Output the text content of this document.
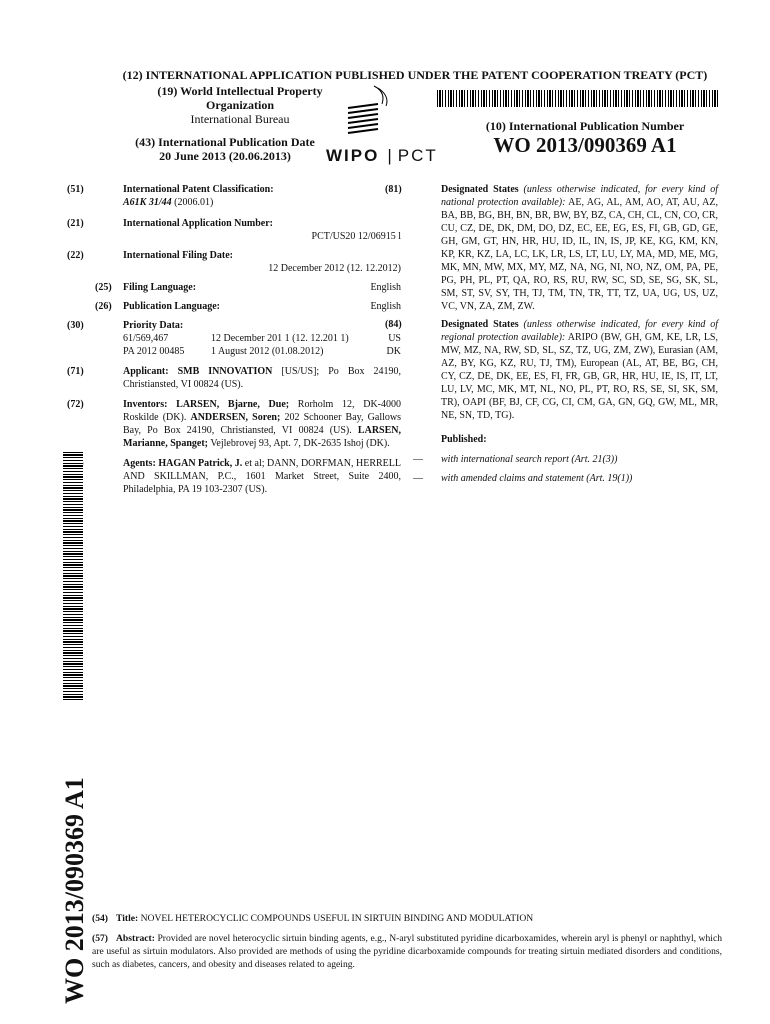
(12) INTERNATIONAL APPLICATION PUBLISHED UNDER THE PATENT COOPERATION TREATY (PCT)
(19) World Intellectual Property
Organization
International Bureau
(43) International Publication Date
20 June 2013 (20.06.2013)	WIPO | PCT
(10) International Publication Number
WO 2013/090369 A1
(51)	International Patent Classification:
A61K 31/44 (2006.01)
(21)	International Application Number:
PCT/US20 12/06915 l
(22)	International Filing Date:
12 December 2012 (12. 12.2012)
(25) Filing Language:	English
(26) Publication Language:	English
(30)	Priority Data:
61/569,467	12 December 201 1 (12. 12.201 1)	US
PA 2012 00485	1 August 2012 (01.08.2012)	DK
(71)	Applicant: SMB INNOVATION [US/US]; Po Box 24190, Christiansted, VI 00824 (US).
(72)	Inventors: LARSEN, Bjarne, Due; Rorholm 12, DK-4000 Roskilde (DK). ANDERSEN, Soren; 202 Schooner Bay, Gallows Bay, Po Box 24190, Christiansted, VI 00824 (US). LARSEN, Marianne, Spanget; Vejlebrovej 93, Apt. 7, DK-2635 Ishoj (DK).
Agents: HAGAN Patrick, J. et al; DANN, DORFMAN, HERRELL AND SKILLMAN, P.C., 1601 Market Street, Suite 2400, Philadelphia, PA 19 103-2307 (US).
(81)	Designated States (unless otherwise indicated, for every kind of national protection available): AE, AG, AL, AM, AO, AT, AU, AZ, BA, BB, BG, BH, BN, BR, BW, BY, BZ, CA, CH, CL, CN, CO, CR, CU, CZ, DE, DK, DM, DO, DZ, EC, EE, EG, ES, FI, GB, GD, GE, GH, GM, GT, HN, HR, HU, ID, IL, IN, IS, JP, KE, KG, KM, KN, KP, KR, KZ, LA, LC, LK, LR, LS, LT, LU, LY, MA, MD, ME, MG, MK, MN, MW, MX, MY, MZ, NA, NG, NI, NO, NZ, OM, PA, PE, PG, PH, PL, PT, QA, RO, RS, RU, RW, SC, SD, SE, SG, SK, SL, SM, ST, SV, SY, TH, TJ, TM, TN, TR, TT, TZ, UA, UG, US, UZ, VC, VN, ZA, ZM, ZW.
(84)	Designated States (unless otherwise indicated, for every kind of regional protection available): ARIPO (BW, GH, GM, KE, LR, LS, MW, MZ, NA, RW, SD, SL, SZ, TZ, UG, ZM, ZW), Eurasian (AM, AZ, BY, KG, KZ, RU, TJ, TM), European (AL, AT, BE, BG, CH, CY, CZ, DE, DK, EE, ES, FI, FR, GB, GR, HR, HU, IE, IS, IT, LT, LU, LV, MC, MK, MT, NL, NO, PL, PT, RO, RS, SE, SI, SK, SM, TR), OAPI (BF, BJ, CF, CG, CI, CM, GA, GN, GQ, GW, ML, MR, NE, SN, TD, TG).
Published:
— with international search report (Art. 21(3))
— with amended claims and statement (Art. 19(1))
WO 2013/090369 A1 (54) Title: NOVEL HETEROCYCLIC COMPOUNDS USEFUL IN SIRTUIN BINDING AND MODULATION
(57) Abstract: Provided are novel heterocyclic sirtuin binding agents, e.g., N-aryl substituted pyridine dicarboxamides, wherein aryl is phenyl or naphthyl, which are useful as sirtuin modulators. Also provided are methods of using the pyridine dicarboxamide compounds for treating sirtuin mediated disorders and conditions, such as diabetes, cancers, and obesity and diseases related to ageing.
